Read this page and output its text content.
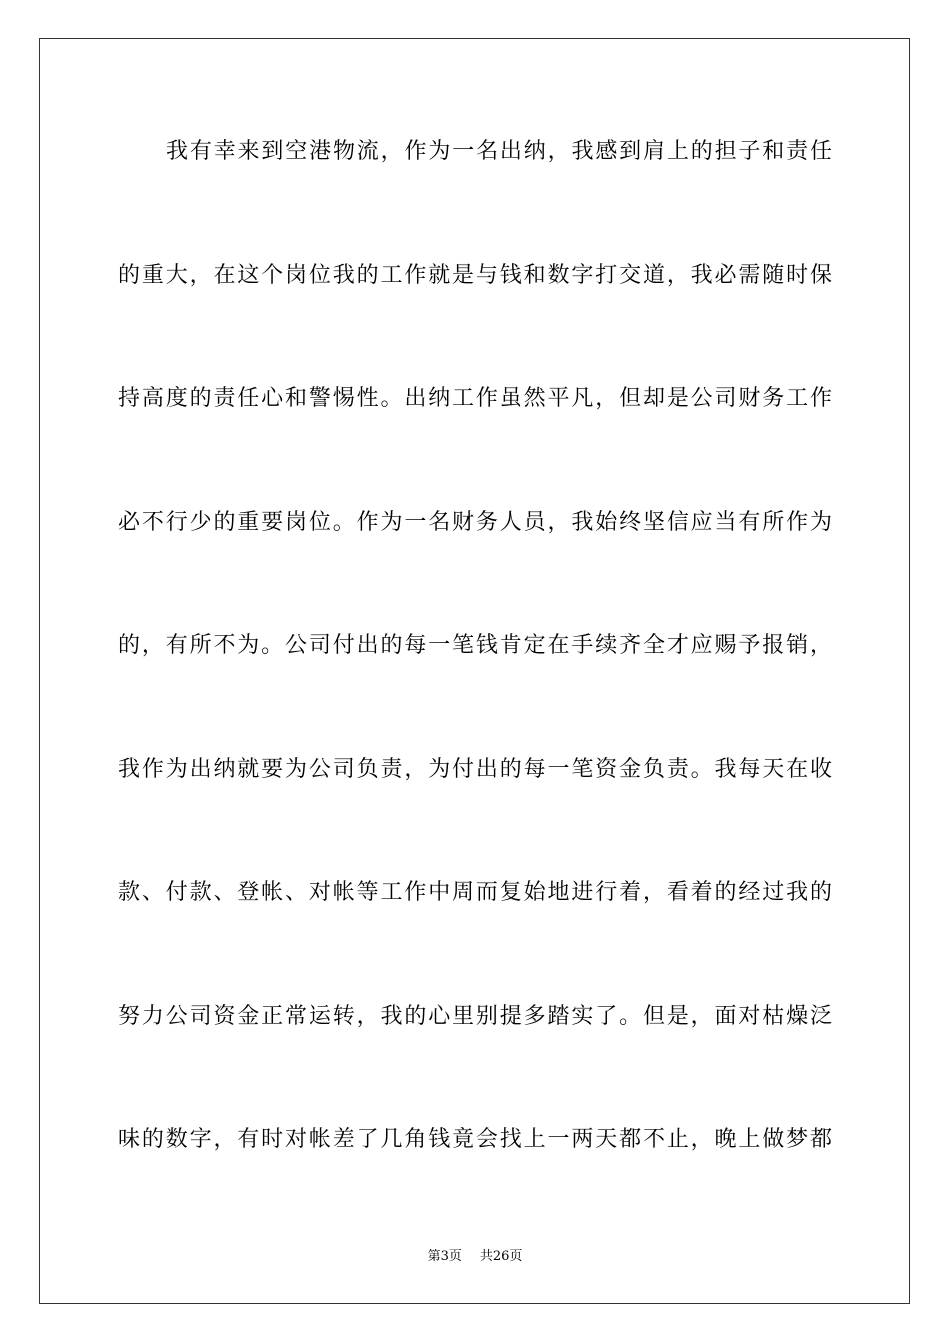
我有幸来到空港物流，作为一名出纳，我感到肩上的担子和责任
的重大，在这个岗位我的工作就是与钱和数字打交道，我必需随时保
持高度的责任心和警惕性。出纳工作虽然平凡，但却是公司财务工作
必不行少的重要岗位。作为一名财务人员，我始终坚信应当有所作为
的，有所不为。公司付出的每一笔钱肯定在手续齐全才应赐予报销，
我作为出纳就要为公司负责，为付出的每一笔资金负责。我每天在收
款、付款、登帐、对帐等工作中周而复始地进行着，看着的经过我的
努力公司资金正常运转，我的心里别提多踏实了。但是，面对枯燥泛
味的数字，有时对帐差了几角钱竟会找上一两天都不止，晚上做梦都
第3页 共26页
